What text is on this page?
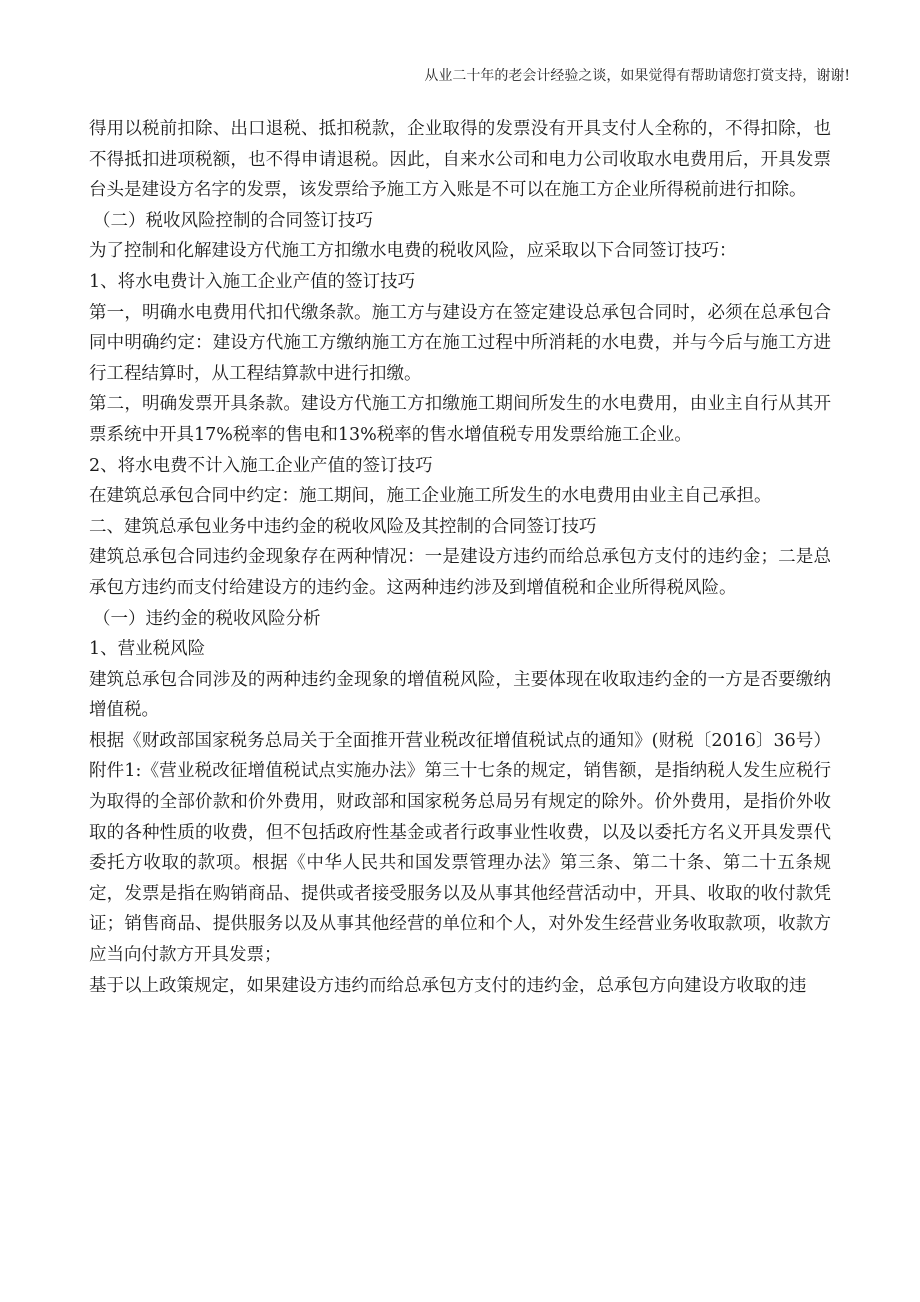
从业二十年的老会计经验之谈，如果觉得有帮助请您打赏支持，谢谢!

得用以税前扣除、出口退税、抵扣税款，企业取得的发票没有开具支付人全称的，不得扣除，也不得抵扣进项税额，也不得申请退税。因此，自来水公司和电力公司收取水电费用后，开具发票台头是建设方名字的发票，该发票给予施工方入账是不可以在施工方企业所得税前进行扣除。

（二）税收风险控制的合同签订技巧

为了控制和化解建设方代施工方扣缴水电费的税收风险，应采取以下合同签订技巧：

1、将水电费计入施工企业产值的签订技巧

第一，明确水电费用代扣代缴条款。施工方与建设方在签定建设总承包合同时，必须在总承包合同中明确约定：建设方代施工方缴纳施工方在施工过程中所消耗的水电费，并与今后与施工方进行工程结算时，从工程结算款中进行扣缴。

第二，明确发票开具条款。建设方代施工方扣缴施工期间所发生的水电费用，由业主自行从其开票系统中开具17%税率的售电和13%税率的售水增值税专用发票给施工企业。

2、将水电费不计入施工企业产值的签订技巧

在建筑总承包合同中约定：施工期间，施工企业施工所发生的水电费用由业主自己承担。

二、建筑总承包业务中违约金的税收风险及其控制的合同签订技巧

建筑总承包合同违约金现象存在两种情况：一是建设方违约而给总承包方支付的违约金；二是总承包方违约而支付给建设方的违约金。这两种违约涉及到增值税和企业所得税风险。

（一）违约金的税收风险分析

1、营业税风险

建筑总承包合同涉及的两种违约金现象的增值税风险，主要体现在收取违约金的一方是否要缴纳增值税。

根据《财政部国家税务总局关于全面推开营业税改征增值税试点的通知》(财税〔2016〕36号）附件1:《营业税改征增值税试点实施办法》第三十七条的规定，销售额，是指纳税人发生应税行为取得的全部价款和价外费用，财政部和国家税务总局另有规定的除外。价外费用，是指价外收取的各种性质的收费，但不包括政府性基金或者行政事业性收费，以及以委托方名义开具发票代委托方收取的款项。根据《中华人民共和国发票管理办法》第三条、第二十条、第二十五条规定，发票是指在购销商品、提供或者接受服务以及从事其他经营活动中，开具、收取的收付款凭证；销售商品、提供服务以及从事其他经营的单位和个人，对外发生经营业务收取款项，收款方应当向付款方开具发票；

基于以上政策规定，如果建设方违约而给总承包方支付的违约金，总承包方向建设方收取的违
